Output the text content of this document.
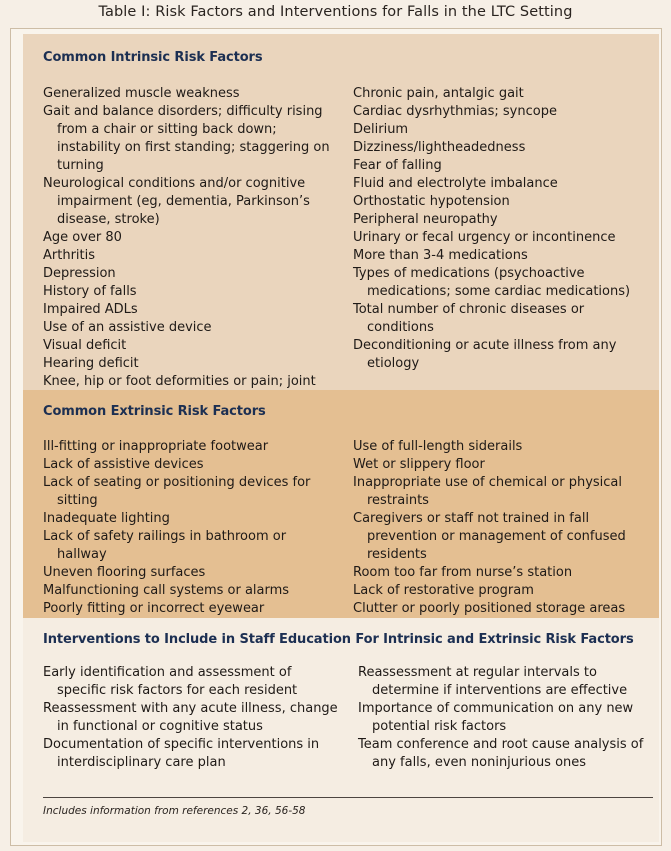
Table I: Risk Factors and Interventions for Falls in the LTC Setting
Common Intrinsic Risk Factors
Generalized muscle weakness
Gait and balance disorders; difficulty rising from a chair or sitting back down; instability on first standing; staggering on turning
Neurological conditions and/or cognitive impairment (eg, dementia, Parkinson’s disease, stroke)
Age over 80
Arthritis
Depression
History of falls
Impaired ADLs
Use of an assistive device
Visual deficit
Hearing deficit
Knee, hip or foot deformities or pain; joint
Chronic pain, antalgic gait
Cardiac dysrhythmias; syncope
Delirium
Dizziness/lightheadedness
Fear of falling
Fluid and electrolyte imbalance
Orthostatic hypotension
Peripheral neuropathy
Urinary or fecal urgency or incontinence
More than 3-4 medications
Types of medications (psychoactive medications; some cardiac medications)
Total number of chronic diseases or conditions
Deconditioning or acute illness from any etiology
Common Extrinsic Risk Factors
Ill-fitting or inappropriate footwear
Lack of assistive devices
Lack of seating or positioning devices for sitting
Inadequate lighting
Lack of safety railings in bathroom or hallway
Uneven flooring surfaces
Malfunctioning call systems or alarms
Poorly fitting or incorrect eyewear
Use of full-length siderails
Wet or slippery floor
Inappropriate use of chemical or physical restraints
Caregivers or staff not trained in fall prevention or management of confused residents
Room too far from nurse’s station
Lack of restorative program
Clutter or poorly positioned storage areas
Interventions to Include in Staff Education For Intrinsic and Extrinsic Risk Factors
Early identification and assessment of specific risk factors for each resident
Reassessment with any acute illness, change in functional or cognitive status
Documentation of specific interventions in interdisciplinary care plan
Reassessment at regular intervals to determine if interventions are effective
Importance of communication on any new potential risk factors
Team conference and root cause analysis of any falls, even noninjurious ones
Includes information from references 2, 36, 56-58
